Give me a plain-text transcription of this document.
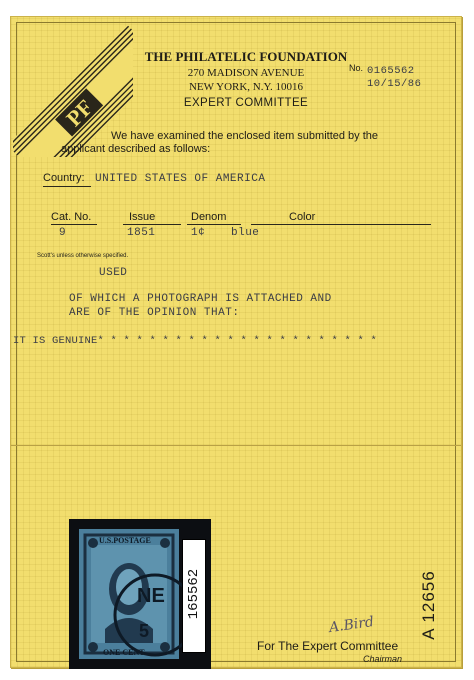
PF
THE PHILATELIC FOUNDATION
270 MADISON AVENUE
NEW YORK, N.Y. 10016
EXPERT COMMITTEE
No. 0165562
10/15/86
We have examined the enclosed item submitted by the
applicant described as follows:
Country: UNITED STATES OF AMERICA
Cat. No.	Issue	Denom	Color
9	1851	1¢ blue
Scott's unless otherwise specified.
USED
OF WHICH A PHOTOGRAPH IS ATTACHED AND
ARE OF THE OPINION THAT:
IT IS GENUINE* * * * * * * * * * * * * * * * * * * * * *
U.S.POSTAGE
ONE CENT
NE
5
165562	A 12656
A.Bird
For The Expert Committee
Chairman
